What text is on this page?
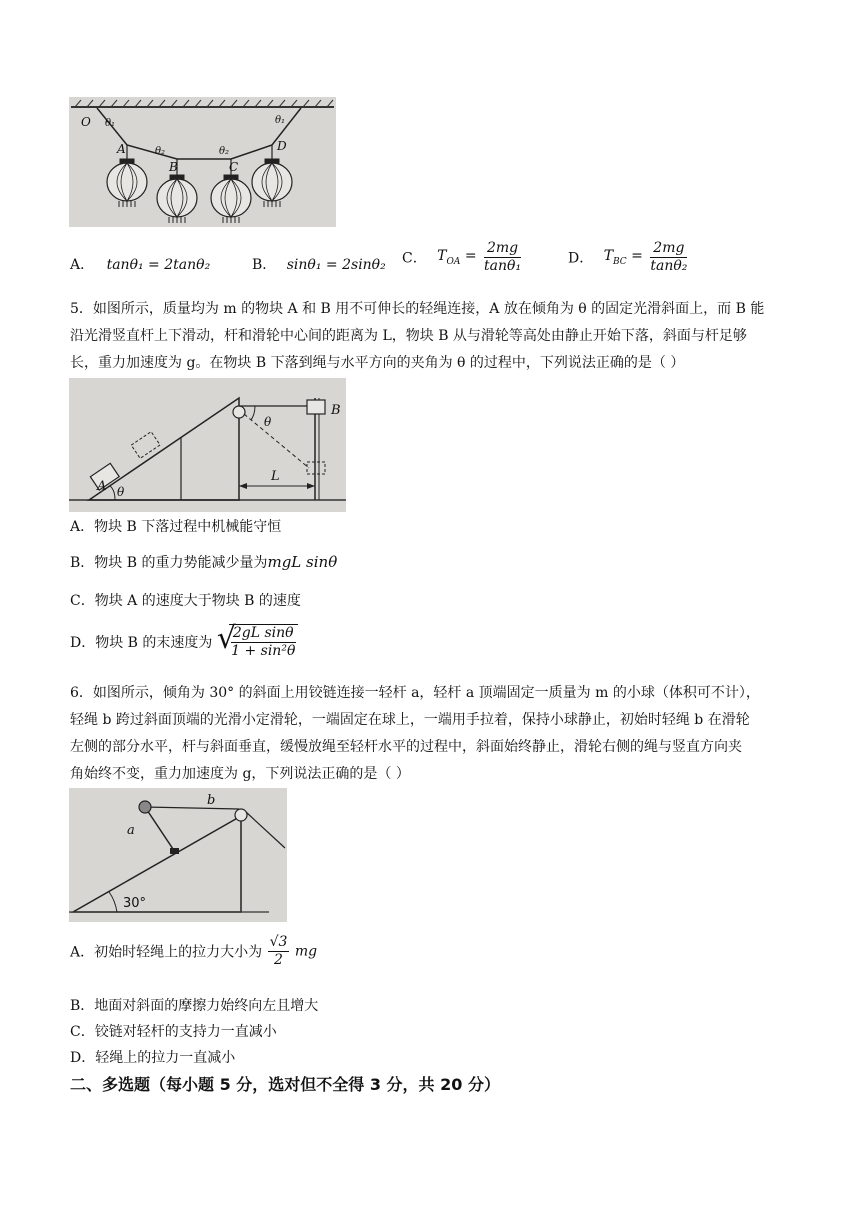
O θ₁
A	θ₂
B
θ₂
C
θ₁
D
A． tanθ₁ = 2tanθ₂	B． sinθ₁ = 2sinθ₂ C． $T_{OA} = \frac{2mg}{\text{tanθ₁}}$	D． $T_{BC} = \frac{2mg}{\text{tanθ₂}}$
5．如图所示，质量均为 m 的物块 A 和 B 用不可伸长的轻绳连接，A 放在倾角为 θ 的固定光滑斜面上，而 B 能
沿光滑竖直杆上下滑动，杆和滑轮中心间的距离为 L，物块 B 从与滑轮等高处由静止开始下落，斜面与杆足够
长，重力加速度为 g。在物块 B 下落到绳与水平方向的夹角为 θ 的过程中，下列说法正确的是（ ）
A θ
θ
B
L
A．物块 B 下落过程中机械能守恒
B．物块 B 的重力势能减少量为mgL sinθ
C．物块 A 的速度大于物块 B 的速度
D．物块 B 的末速度为 √
$\frac{\text{2gL sinθ}}{\text{1 + sin²θ}}$
6．如图所示，倾角为 30° 的斜面上用铰链连接一轻杆 a，轻杆 a 顶端固定一质量为 m 的小球（体积可不计），
轻绳 b 跨过斜面顶端的光滑小定滑轮，一端固定在球上，一端用手拉着，保持小球静止，初始时轻绳 b 在滑轮
左侧的部分水平，杆与斜面垂直，缓慢放绳至轻杆水平的过程中，斜面始终静止，滑轮右侧的绳与竖直方向夹
角始终不变，重力加速度为 g，下列说法正确的是（ ）
a
b
30°
A．初始时轻绳上的拉力大小为 $\frac{√3}{2}$ mg
B．地面对斜面的摩擦力始终向左且增大
C．铰链对轻杆的支持力一直减小
D．轻绳上的拉力一直减小
二、多选题（每小题 5 分，选对但不全得 3 分，共 20 分）
